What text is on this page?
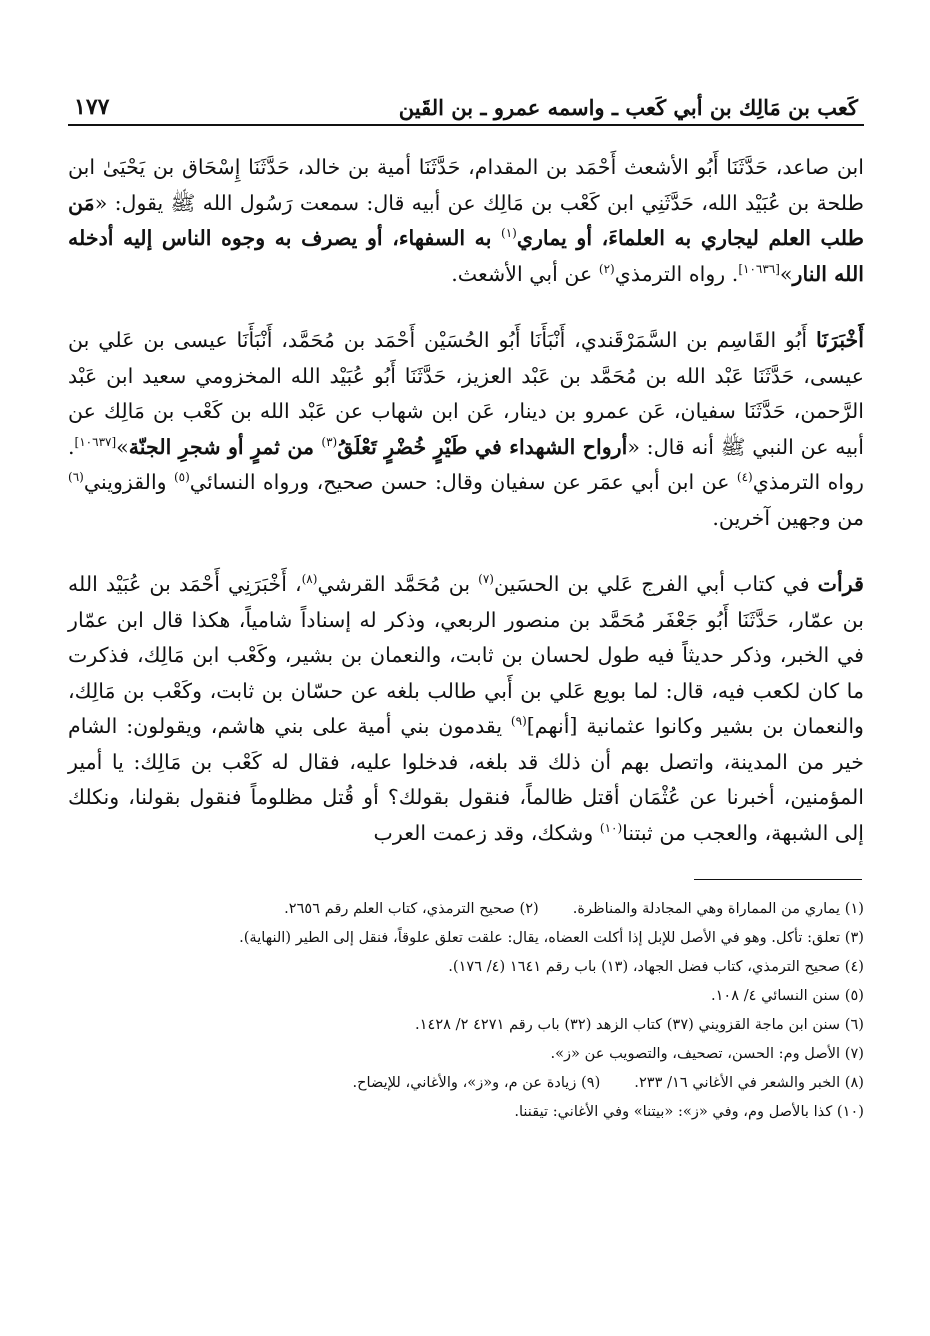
كَعب بن مَالِك بن أبي كَعب ـ واسمه عمرو ـ بن القَين
١٧٧

ابن صاعد، حَدَّثَنَا أَبُو الأشعث أَحْمَد بن المقدام، حَدَّثَنَا أمية بن خالد، حَدَّثَنَا إِسْحَاق بن يَحْيَىٰ ابن طلحة بن عُبَيْد الله، حَدَّثَنِي ابن كَعْب بن مَالِك عن أبيه قال: سمعت رَسُول الله ﷺ يقول: «مَن طلب العلم ليجاري به العلماءَ، أو يماري$^{(١)}$ به السفهاء، أو يصرف به وجوه الناس إليه أدخله الله النار»[١٠٦٣٦]. رواه الترمذي$^{(٢)}$ عن أبي الأشعث.

أَخْبَرَنَا أَبُو القَاسِم بن السَّمَرْقَندي، أَنْبَأَنَا أَبُو الحُسَيْن أَحْمَد بن مُحَمَّد، أَنْبَأَنَا عيسى بن عَلي بن عيسى، حَدَّثَنَا عَبْد الله بن مُحَمَّد بن عَبْد العزيز، حَدَّثَنَا أَبُو عُبَيْد الله المخزومي سعيد ابن عَبْد الرَّحمن، حَدَّثَنَا سفيان، عَن عمرو بن دينار، عَن ابن شهاب عن عَبْد الله بن كَعْب بن مَالِك عن أبيه عن النبي ﷺ أنه قال: «أرواح الشهداء في طَيْرٍ خُضْرٍ تَعْلَقُ$^{(٣)}$ من ثمرٍ أو شجرِ الجنّة»[١٠٦٣٧]. رواه الترمذي$^{(٤)}$ عن ابن أبي عمَر عن سفيان وقال: حسن صحيح، ورواه النسائي$^{(٥)}$ والقزويني$^{(٦)}$ من وجهين آخرين.

قرأت في كتاب أبي الفرج عَلي بن الحسَين$^{(٧)}$ بن مُحَمَّد القرشي$^{(٨)}$، أَخْبَرَنِي أَحْمَد بن عُبَيْد الله بن عمّار، حَدَّثَنَا أَبُو جَعْفَر مُحَمَّد بن منصور الربعي، وذكر له إسناداً شامياً، هكذا قال ابن عمّار في الخبر، وذكر حديثاً فيه طول لحسان بن ثابت، والنعمان بن بشير، وكَعْب ابن مَالِك، فذكرت ما كان لكعب فيه، قال: لما بويع عَلي بن أَبي طالب بلغه عن حسّان بن ثابت، وكَعْب بن مَالِك، والنعمان بن بشير وكانوا عثمانية [أنهم]$^{(٩)}$ يقدمون بني أمية على بني هاشم، ويقولون: الشام خير من المدينة، واتصل بهم أن ذلك قد بلغه، فدخلوا عليه، فقال له كَعْب بن مَالِك: يا أمير المؤمنين، أخبرنا عن عُثْمَان أقتل ظالماً، فنقول بقولك؟ أو قُتل مظلوماً فنقول بقولنا، ونكلك إلى الشبهة، والعجب من ثبتنا$^{(١٠)}$ وشكك، وقد زعمت العرب

(١) يماري من المماراة وهي المجادلة والمناظرة.
(٢) صحيح الترمذي، كتاب العلم رقم ٢٦٥٦.
(٣) تعلق: تأكل. وهو في الأصل للإبل إذا أكلت العضاه، يقال: علقت تعلق علوقاً، فنقل إلى الطير (النهاية).
(٤) صحيح الترمذي، كتاب فضل الجهاد، (١٣) باب رقم ١٦٤١ (٤/ ١٧٦).
(٥) سنن النسائي ٤/ ١٠٨.
(٦) سنن ابن ماجة القزويني (٣٧) كتاب الزهد (٣٢) باب رقم ٤٢٧١ ٢/ ١٤٢٨.
(٧) الأصل وم: الحسن، تصحيف، والتصويب عن «ز».
(٨) الخبر والشعر في الأغاني ١٦/ ٢٣٣.
(٩) زيادة عن م، و«ز»، والأغاني، للإيضاح.
(١٠) كذا بالأصل وم، وفي «ز»: «بيتنا» وفي الأغاني: تيقننا.
